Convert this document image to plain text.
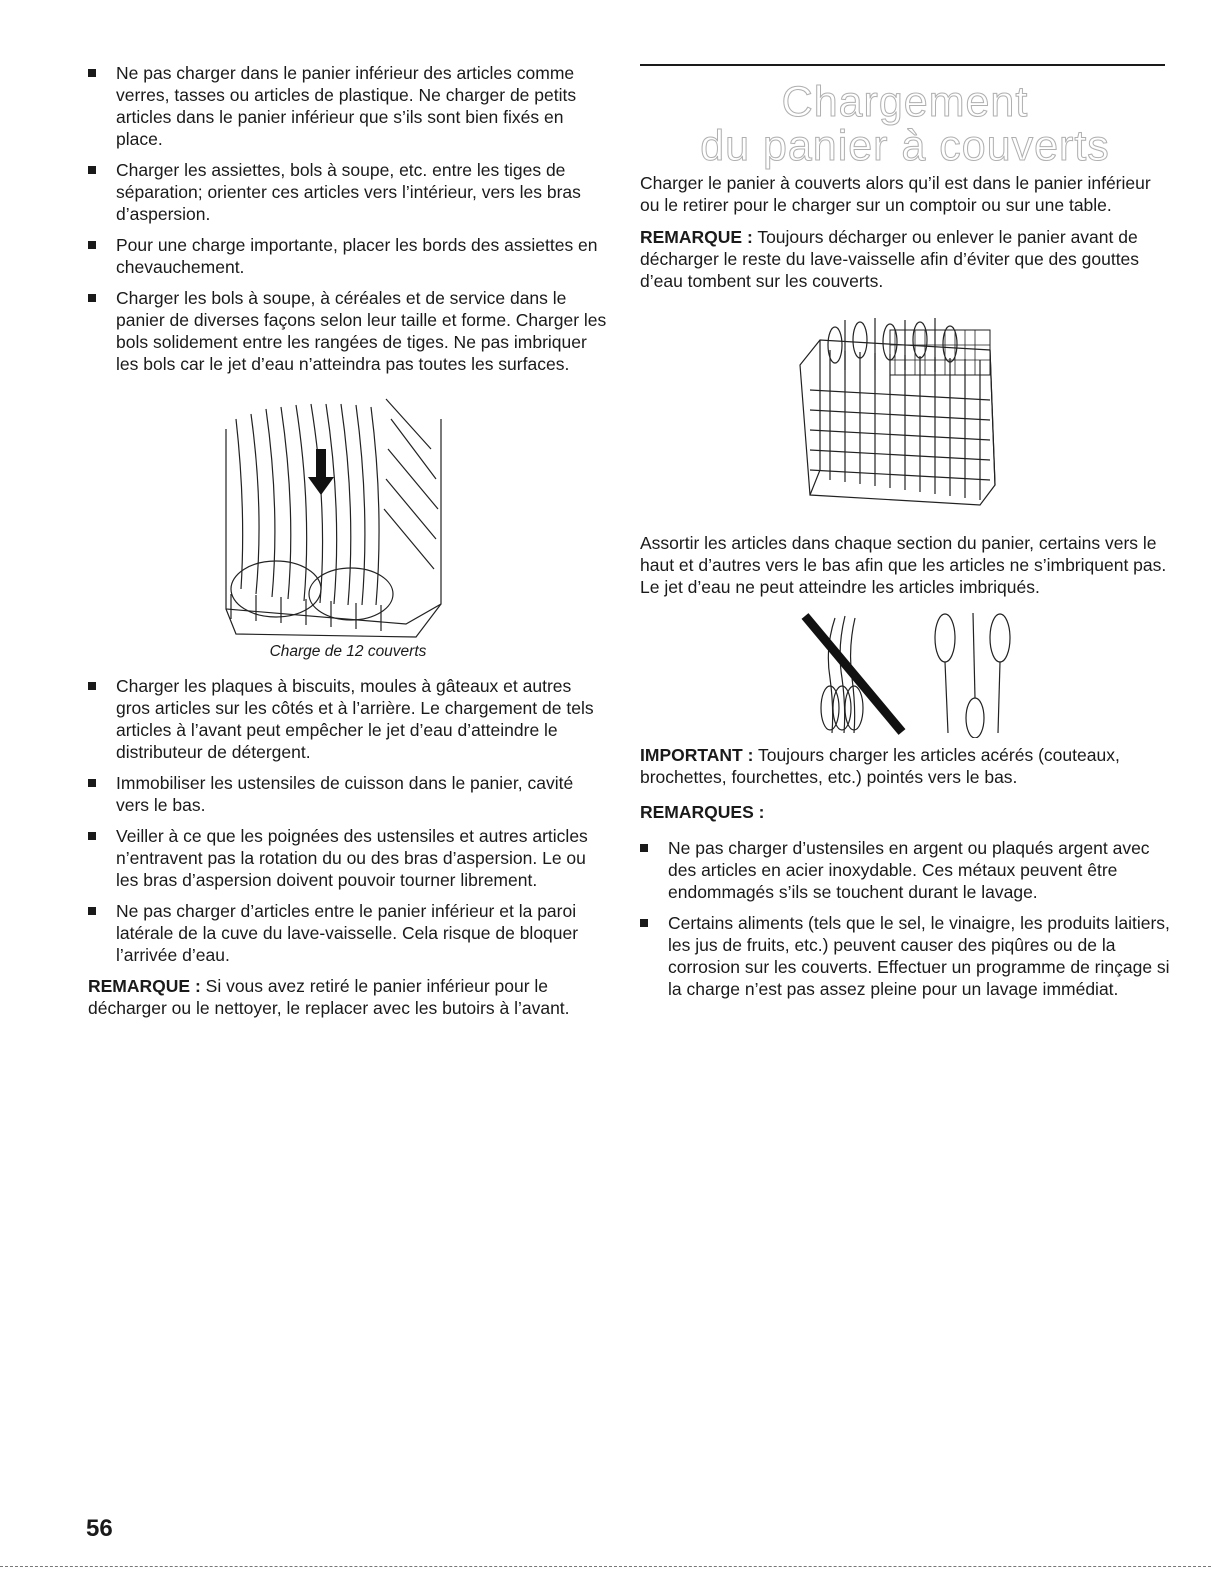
Ne pas charger dans le panier inférieur des articles comme verres, tasses ou articles de plastique. Ne charger de petits articles dans le panier inférieur que s’ils sont bien fixés en place.
Charger les assiettes, bols à soupe, etc. entre les tiges de séparation; orienter ces articles vers l’intérieur, vers les bras d’aspersion.
Pour une charge importante, placer les bords des assiettes en chevauchement.
Charger les bols à soupe, à céréales et de service dans le panier de diverses façons selon leur taille et forme. Charger les bols solidement entre les rangées de tiges. Ne pas imbriquer les bols car le jet d’eau n’atteindra pas toutes les surfaces.
Charge de 12 couverts
Charger les plaques à biscuits, moules à gâteaux et autres gros articles sur les côtés et à l’arrière. Le chargement de tels articles à l’avant peut empêcher le jet d’eau d’atteindre le distributeur de détergent.
Immobiliser les ustensiles de cuisson dans le panier, cavité vers le bas.
Veiller à ce que les poignées des ustensiles et autres articles n’entravent pas la rotation du ou des bras d’aspersion. Le ou les bras d’aspersion doivent pouvoir tourner librement.
Ne pas charger d’articles entre le panier inférieur et la paroi latérale de la cuve du lave-vaisselle. Cela risque de bloquer l’arrivée d’eau.

REMARQUE : Si vous avez retiré le panier inférieur pour le décharger ou le nettoyer, le replacer avec les butoirs à l’avant.

Chargement
du panier à couverts

Charger le panier à couverts alors qu’il est dans le panier inférieur ou le retirer pour le charger sur un comptoir ou sur une table.

REMARQUE : Toujours décharger ou enlever le panier avant de décharger le reste du lave-vaisselle afin d’éviter que des gouttes d’eau tombent sur les couverts.

Assortir les articles dans chaque section du panier, certains vers le haut et d’autres vers le bas afin que les articles ne s’imbriquent pas. Le jet d’eau ne peut atteindre les articles imbriqués.

IMPORTANT : Toujours charger les articles acérés (couteaux, brochettes, fourchettes, etc.) pointés vers le bas.

REMARQUES :
Ne pas charger d’ustensiles en argent ou plaqués argent avec des articles en acier inoxydable. Ces métaux peuvent être endommagés s’ils se touchent durant le lavage.
Certains aliments (tels que le sel, le vinaigre, les produits laitiers, les jus de fruits, etc.) peuvent causer des piqûres ou de la corrosion sur les couverts. Effectuer un programme de rinçage si la charge n’est pas assez pleine pour un lavage immédiat.
56
